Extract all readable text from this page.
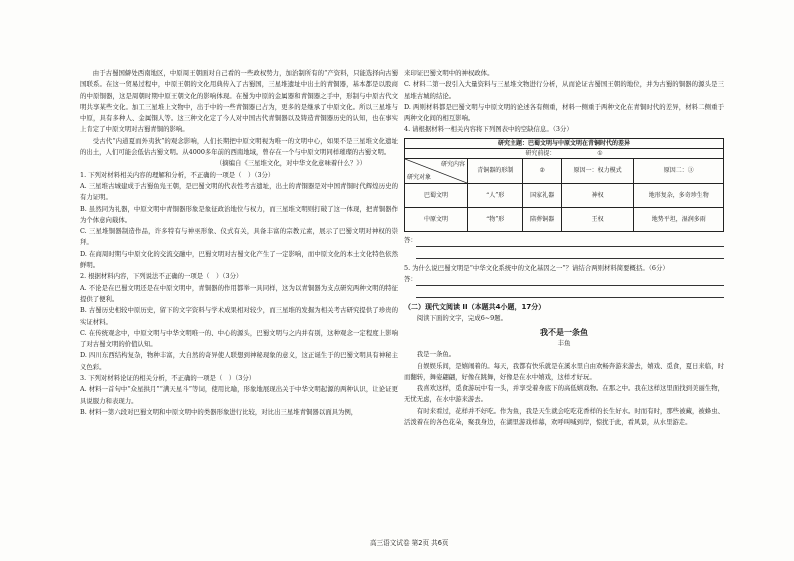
由于古蜀国僻处西南地区，中原周王朝面对自己看的一些政权势力，加治制所有的“产资料，只能选择向古蜀国联系。在这一贸易过程中，中原王朝的文化用典传入了古蜀国，三星堆遗址中出土的青铜器，基本都是以股商的中原铜器，这是周朝时期中原王朝文化的影响体现。在蜀为中原的金属器和青铜器之手中，形制与中原古代文明共享某些文化。加工三星堆上文物中，出于中的一些青铜器已占为，更多的是继承了中原文化。所以三星堆与中原，具有多种人、金属铜人等。这三种文化定了今人对中国古代青铜器以及铸造青铜器历史的认知，也在事实上肯定了中原文明对古蜀青铜的影响。

受古代“内道夏而外夷狄”的观念影响，人们长期把中原文明视为唯一的文明中心，如果不是三星堆文化遗址的出土，人们可能会低估古蜀文明。从4000多年前的西南地域，曾存在一个与中原文明同样璀璨的古蜀文明。

（摘编自《三星堆文化，对中华文化意味着什么？》）

1. 下列对材料相关内容的理解和分析，不正确的一项是（　）（3分）

A. 三星堆古城建成于古蜀鱼凫王朝，是巴蜀文明的代表性考古遗址，出土的青铜器是对中国青铜时代辉煌历史的有力证明。

B. 虽然同为礼器，中原文明中青铜器形象是象征政治地位与权力，而三星堆文明则打破了这一体现，把青铜器作为个体意向载体。

C. 三星堆铜器制造作品，许多特有与神巫形象、仪式有关，具备丰富的宗教元素，展示了巴蜀文明对神权的崇拜。

D. 在商周时期与中原文化的交流交融中，巴蜀文明对古蜀文化产生了一定影响，而中原文化的本土文化特色依然鲜明。

2. 根据材料内容，下列说法不正确的一项是（　）（3分）

A. 不论是在巴蜀文明还是在中原文明中，青铜器的作用都举一具同样，这为以青铜器为支点研究两种文明的特征提供了便利。

B. 古蜀历史相较中原历史，留下的文字资料与学术成果相对较少，而三星堆的发掘为相关考古研究提供了珍贵的实证材料。

C. 在传统观念中，中原文明与中华文明唯一的、中心的源头，巴蜀文明与之内并有别，这种观念一定程度上影响了对古蜀文明的价值认知。

D. 四川东西结构复杂，物种丰富，大自然的奇异使人联想到神秘现象的意义，这正诞生于的巴蜀文明具有神秘主义色彩。

3. 下列对材料论证的相关分析，不正确的一项是（　）（3分）

A. 材料一首句中“众星拱月”“满天星斗”等词，使用比喻，形象地展现出关于中华文明起源的两种认识，让论证更具说服力和表现力。

B. 材料一第六段对巴蜀文明和中原文明中的类器形象进行比较，对比出三星堆青铜器以面具为例，

来印证巴蜀文明中的神权政体。

C. 材料二第一段引入大量资料与三星堆文物进行分析，从而论证古蜀国王朝的地位，并为古蜀的铜器的源头是三星堆古城的结论。

D. 两则材料都是巴蜀文明与中原文明的论述各有侧重，材料一侧重于两种文化在青铜时代的差异，材料二侧重于两种文化间的相互影响。

4. 请根据材料一相关内容将下列图表中的空缺信息。（3分）

研究主题：巴蜀文明与中原文明在青铜时代的差异				
研究前提： ①				

研究内容
研究对象	青铜器的形制	②	原因一：权力模式	原因二：③
巴蜀文明	“人”形	国家礼器	神权	地形复杂，多奇珍生物
中原文明	“物”形	陪葬铜器	王权	地势平坦，湿润多雨
答：

5. 为什么说巴蜀文明是“中华文化系统中的文化基因之一”？请结合两则材料简要概括。（6分）

答：

（二）现代文阅读 II（本题共4小题，17分）

阅读下面的文字，完成6~9题。

我不是一条鱼

丰鱼

我是一条鱼。

自娱娱乐间，是嬉闹着的。每天，我都有快乐就是在溪水里自由欢畅奔游来游去，嬉戏、觅食，夏日来临，时而翻转，舞姿翩翩，好像在跳舞，好像是在水中嬉戏，这样才好玩。

我喜欢这样，觅食游玩中有一头，并享受着身底下的高低嬉戏物。在那之中。我在这样这里面找到美丽生物，无忧无虑，在水中游来游去。

有时来看过，花样并不好吃。作为鱼，我是天生就会吃吃花香样的长生好水。时而有时，那些被藏，被蜂虫、活泼着在的各色花朵，聚我身边，在湖里游戏样幕，欢呼叫喊到岸，惊扰于此，看风景，从水里游走。

高三语文试卷 第2页 共6页
